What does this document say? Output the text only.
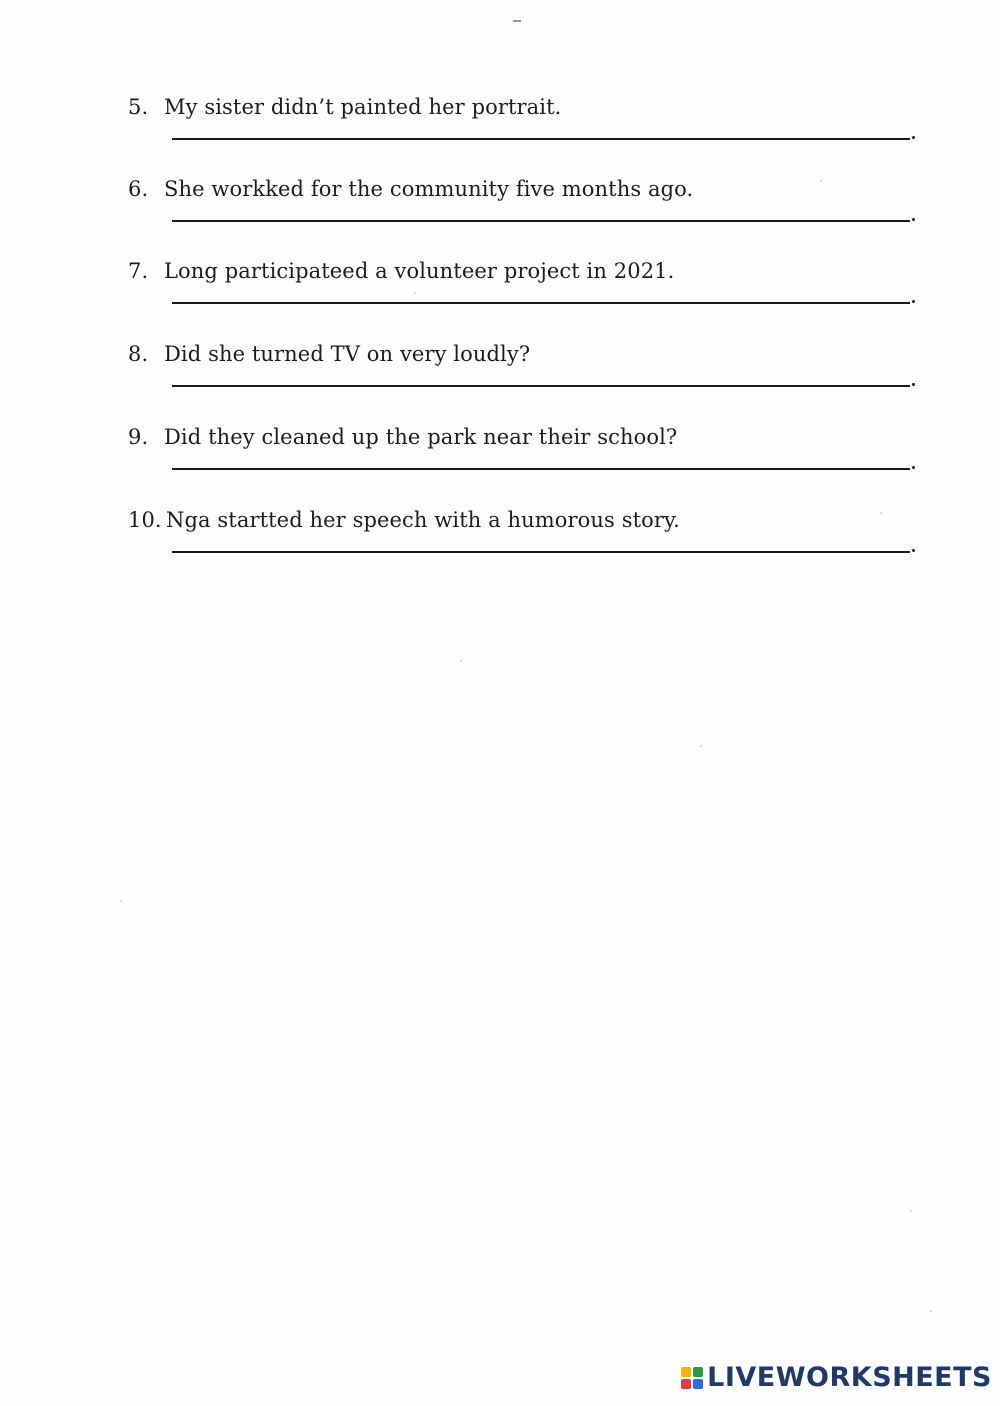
5. My sister didn’t painted her portrait.
6. She workked for the community five months ago.
7. Long participateed a volunteer project in 2021.
8. Did she turned TV on very loudly?
9. Did they cleaned up the park near their school?
10. Nga startted her speech with a humorous story.
LIVEWORKSHEETS
